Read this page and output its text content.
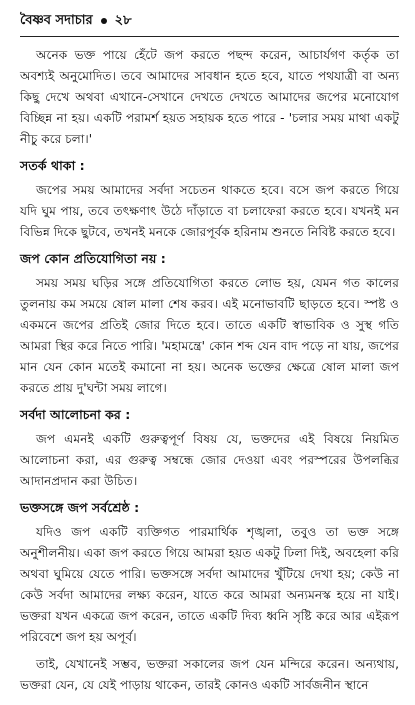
বৈষ্ণব সদাচার ২৮

অনেক ভক্ত পায়ে হেঁটে জপ করতে পছন্দ করেন, আচার্যগণ কর্তৃক তা অবশ্যই অনুমোদিত। তবে আমাদের সাবধান হতে হবে, যাতে পথযাত্রী বা অন্য কিছু দেখে অথবা এখানে-সেখানে দেখতে দেখতে আমাদের জপের মনোযোগ বিচ্ছিন্ন না হয়। একটি পরামর্শ হয়ত সহায়ক হতে পারে - 'চলার সময় মাথা একটু নীচু করে চলা।'

সতর্ক থাকা :

জপের সময় আমাদের সর্বদা সচেতন থাকতে হবে। বসে জপ করতে গিয়ে যদি ঘুম পায়, তবে তৎক্ষণাৎ উঠে দাঁড়াতে বা চলাফেরা করতে হবে। যখনই মন বিভিন্ন দিকে ছুটবে, তখনই মনকে জোরপূর্বক হরিনাম শুনতে নিবিষ্ট করতে হবে।

জপ কোন প্রতিযোগিতা নয় :

সময় সময় ঘড়ির সঙ্গে প্রতিযোগিতা করতে লোভ হয়, যেমন গত কালের তুলনায় কম সময়ে ষোল মালা শেষ করব। এই মনোভাবটি ছাড়তে হবে। স্পষ্ট ও একমনে জপের প্রতিই জোর দিতে হবে। তাতে একটি স্বাভাবিক ও সুস্থ গতি আমরা স্থির করে নিতে পারি। 'মহামন্ত্রে' কোন শব্দ যেন বাদ পড়ে না যায়, জপের মান যেন কোন মতেই কমানো না হয়। অনেক ভক্তের ক্ষেত্রে ষোল মালা জপ করতে প্রায় দু'ঘন্টা সময় লাগে।

সর্বদা আলোচনা কর :

জপ এমনই একটি গুরুত্বপূর্ণ বিষয় যে, ভক্তদের এই বিষয়ে নিয়মিত আলোচনা করা, এর গুরুত্ব সম্বন্ধে জোর দেওয়া এবং পরস্পরের উপলব্ধির আদানপ্রদান করা উচিত।

ভক্তসঙ্গে জপ সর্বশ্রেষ্ঠ :

যদিও জপ একটি ব্যক্তিগত পারমার্থিক শৃঙ্খলা, তবুও তা ভক্ত সঙ্গে অনুশীলনীয়। একা জপ করতে গিয়ে আমরা হয়ত একটু ঢিলা দিই, অবহেলা করি অথবা ঘুমিয়ে যেতে পারি। ভক্তসঙ্গে সর্বদা আমাদের খুঁটিয়ে দেখা হয়; কেউ না কেউ সর্বদা আমাদের লক্ষ্য করেন, যাতে করে আমরা অন্যমনস্ক হয়ে না যাই। ভক্তরা যখন একত্রে জপ করেন, তাতে একটি দিব্য ধ্বনি সৃষ্টি করে আর এইরূপ পরিবেশে জপ হয় অপূর্ব।

তাই, যেখানেই সম্ভব, ভক্তরা সকালের জপ যেন মন্দিরে করেন। অন্যথায়, ভক্তরা যেন, যে যেই পাড়ায় থাকেন, তারই কোনও একটি সার্বজনীন স্থানে
